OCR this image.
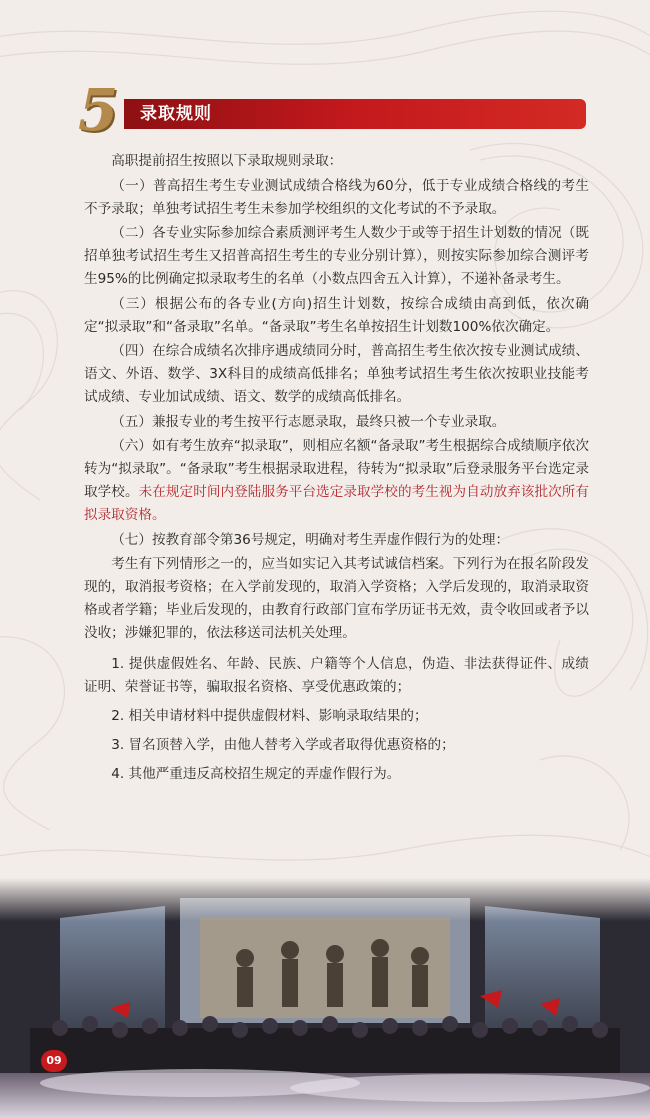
5	录取规则

高职提前招生按照以下录取规则录取：

（一）普高招生考生专业测试成绩合格线为60分，低于专业成绩合格线的考生不予录取；单独考试招生考生未参加学校组织的文化考试的不予录取。

（二）各专业实际参加综合素质测评考生人数少于或等于招生计划数的情况（既招单独考试招生考生又招普高招生考生的专业分别计算），则按实际参加综合测评考生95%的比例确定拟录取考生的名单（小数点四舍五入计算），不递补备录考生。

（三）根据公布的各专业(方向)招生计划数，按综合成绩由高到低，依次确定“拟录取”和“备录取”名单。“备录取”考生名单按招生计划数100%依次确定。

（四）在综合成绩名次排序遇成绩同分时，普高招生考生依次按专业测试成绩、语文、外语、数学、3X科目的成绩高低排名；单独考试招生考生依次按职业技能考试成绩、专业加试成绩、语文、数学的成绩高低排名。

（五）兼报专业的考生按平行志愿录取，最终只被一个专业录取。

（六）如有考生放弃“拟录取”，则相应名额“备录取”考生根据综合成绩顺序依次转为“拟录取”。“备录取”考生根据录取进程，待转为“拟录取”后登录服务平台选定录取学校。未在规定时间内登陆服务平台选定录取学校的考生视为自动放弃该批次所有拟录取资格。

（七）按教育部令第36号规定，明确对考生弄虚作假行为的处理：

考生有下列情形之一的，应当如实记入其考试诚信档案。下列行为在报名阶段发现的，取消报考资格；在入学前发现的，取消入学资格；入学后发现的，取消录取资格或者学籍；毕业后发现的，由教育行政部门宣布学历证书无效，责令收回或者予以没收；涉嫌犯罪的，依法移送司法机关处理。

1. 提供虚假姓名、年龄、民族、户籍等个人信息，伪造、非法获得证件、成绩证明、荣誉证书等，骗取报名资格、享受优惠政策的；

2. 相关申请材料中提供虚假材料、影响录取结果的；

3. 冒名顶替入学，由他人替考入学或者取得优惠资格的；

4. 其他严重违反高校招生规定的弄虚作假行为。

09
